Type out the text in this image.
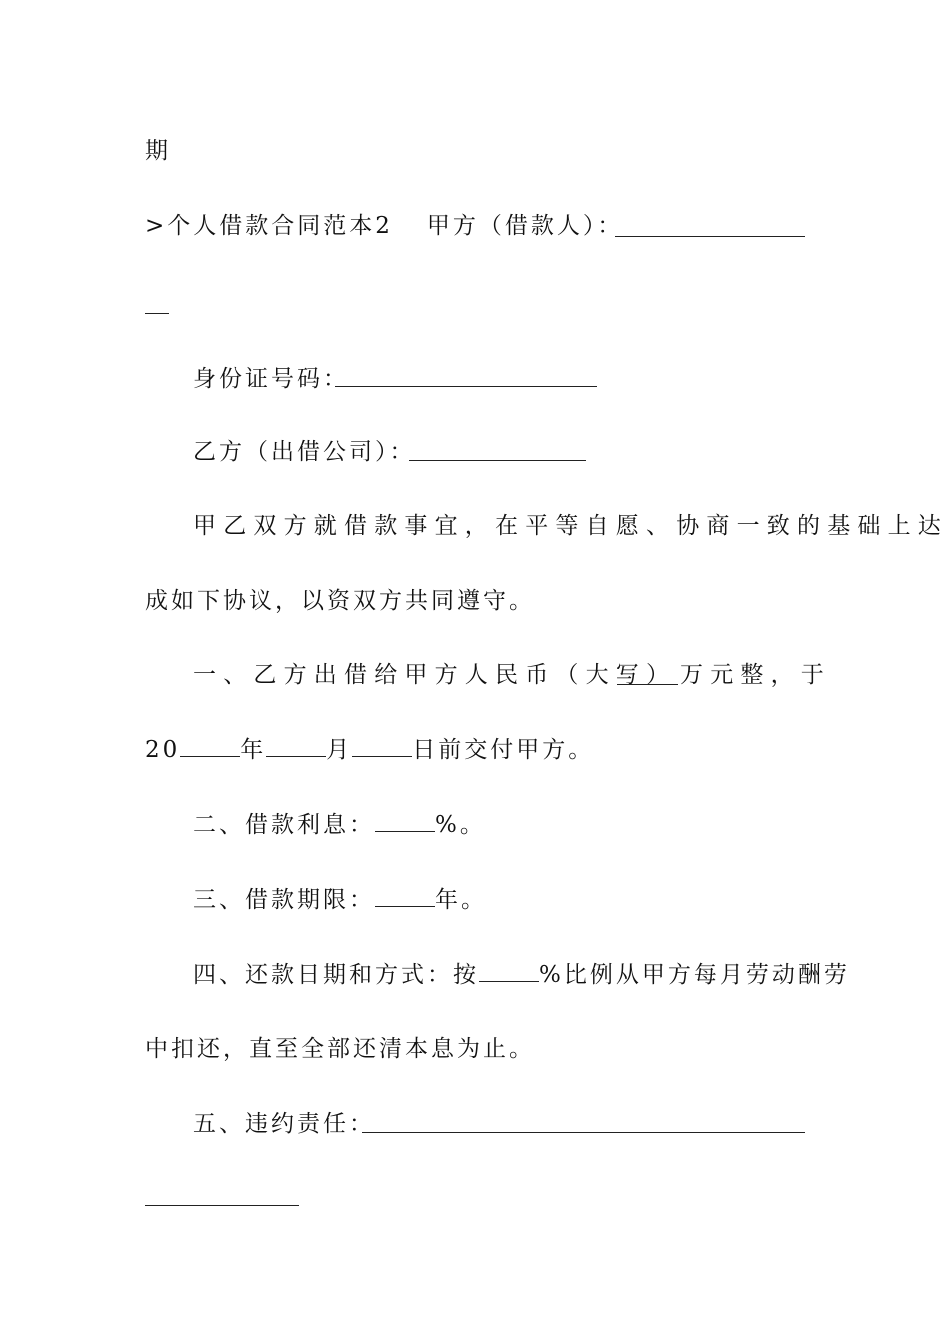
期
>个人借款合同范本2 甲方（借款人）：
身份证号码：
乙方（出借公司）：
甲乙双方就借款事宜，在平等自愿、协商一致的基础上达
成如下协议，以资双方共同遵守。
一、乙方出借给甲方人民币（大写） 万元整，于
20	年	月	日前交付甲方。
二、借款利息：	%。
三、借款期限：	年。
四、还款日期和方式：按	%比例从甲方每月劳动酬劳
中扣还，直至全部还清本息为止。
五、违约责任：
